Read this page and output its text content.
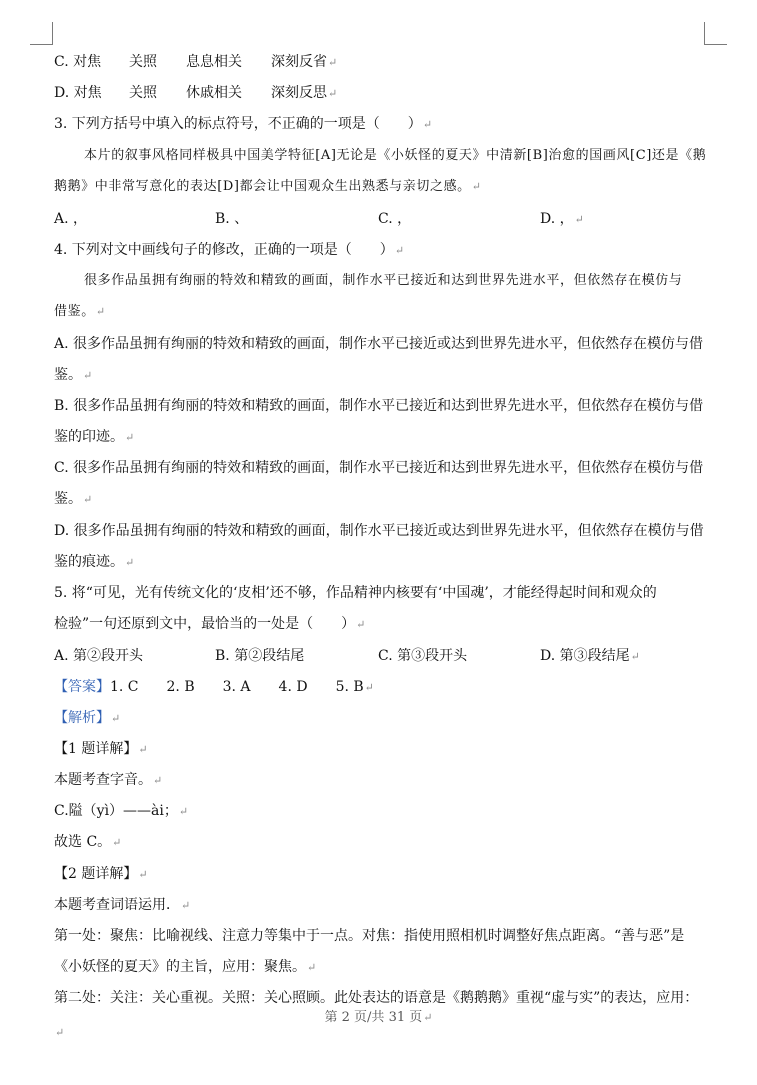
C. 对焦 关照 息息相关 深刻反省↵
D. 对焦 关照 休戚相关 深刻反思↵
3. 下列方括号中填入的标点符号，不正确的一项是（　　）↵
本片的叙事风格同样极具中国美学特征[A]无论是《小妖怪的夏天》中清新[B]治愈的国画风[C]还是《鹅
鹅鹅》中非常写意化的表达[D]都会让中国观众生出熟悉与亲切之感。↵
A. ，	B. 、	C. ，	D. ，↵
4. 下列对文中画线句子的修改，正确的一项是（　　）↵
很多作品虽拥有绚丽的特效和精致的画面，制作水平已接近和达到世界先进水平，但依然存在模仿与
借鉴。↵
A. 很多作品虽拥有绚丽的特效和精致的画面，制作水平已接近或达到世界先进水平，但依然存在模仿与借
鉴。↵
B. 很多作品虽拥有绚丽的特效和精致的画面，制作水平已接近和达到世界先进水平，但依然存在模仿与借
鉴的印迹。↵
C. 很多作品虽拥有绚丽的特效和精致的画面，制作水平已接近和达到世界先进水平，但依然存在模仿与借
鉴。↵
D. 很多作品虽拥有绚丽的特效和精致的画面，制作水平已接近或达到世界先进水平，但依然存在模仿与借
鉴的痕迹。↵
5. 将“可见，光有传统文化的‘皮相’还不够，作品精神内核要有‘中国魂’，才能经得起时间和观众的
检验”一句还原到文中，最恰当的一处是（　　）↵
A. 第②段开头	B. 第②段结尾	C. 第③段开头	D. 第③段结尾↵
【答案】1. C　　2. B　　3. A　　4. D　　5. B↵
【解析】↵
【1 题详解】↵
本题考查字音。↵
C.隘（yì）——ài；↵
故选 C。↵
【2 题详解】↵
本题考查词语运用．↵
第一处：聚焦：比喻视线、注意力等集中于一点。对焦：指使用照相机时调整好焦点距离。“善与恶”是
《小妖怪的夏天》的主旨，应用：聚焦。↵
第二处：关注：关心重视。关照：关心照顾。此处表达的语意是《鹅鹅鹅》重视“虚与实”的表达，应用：
第 2 页/共 31 页↵
↵
